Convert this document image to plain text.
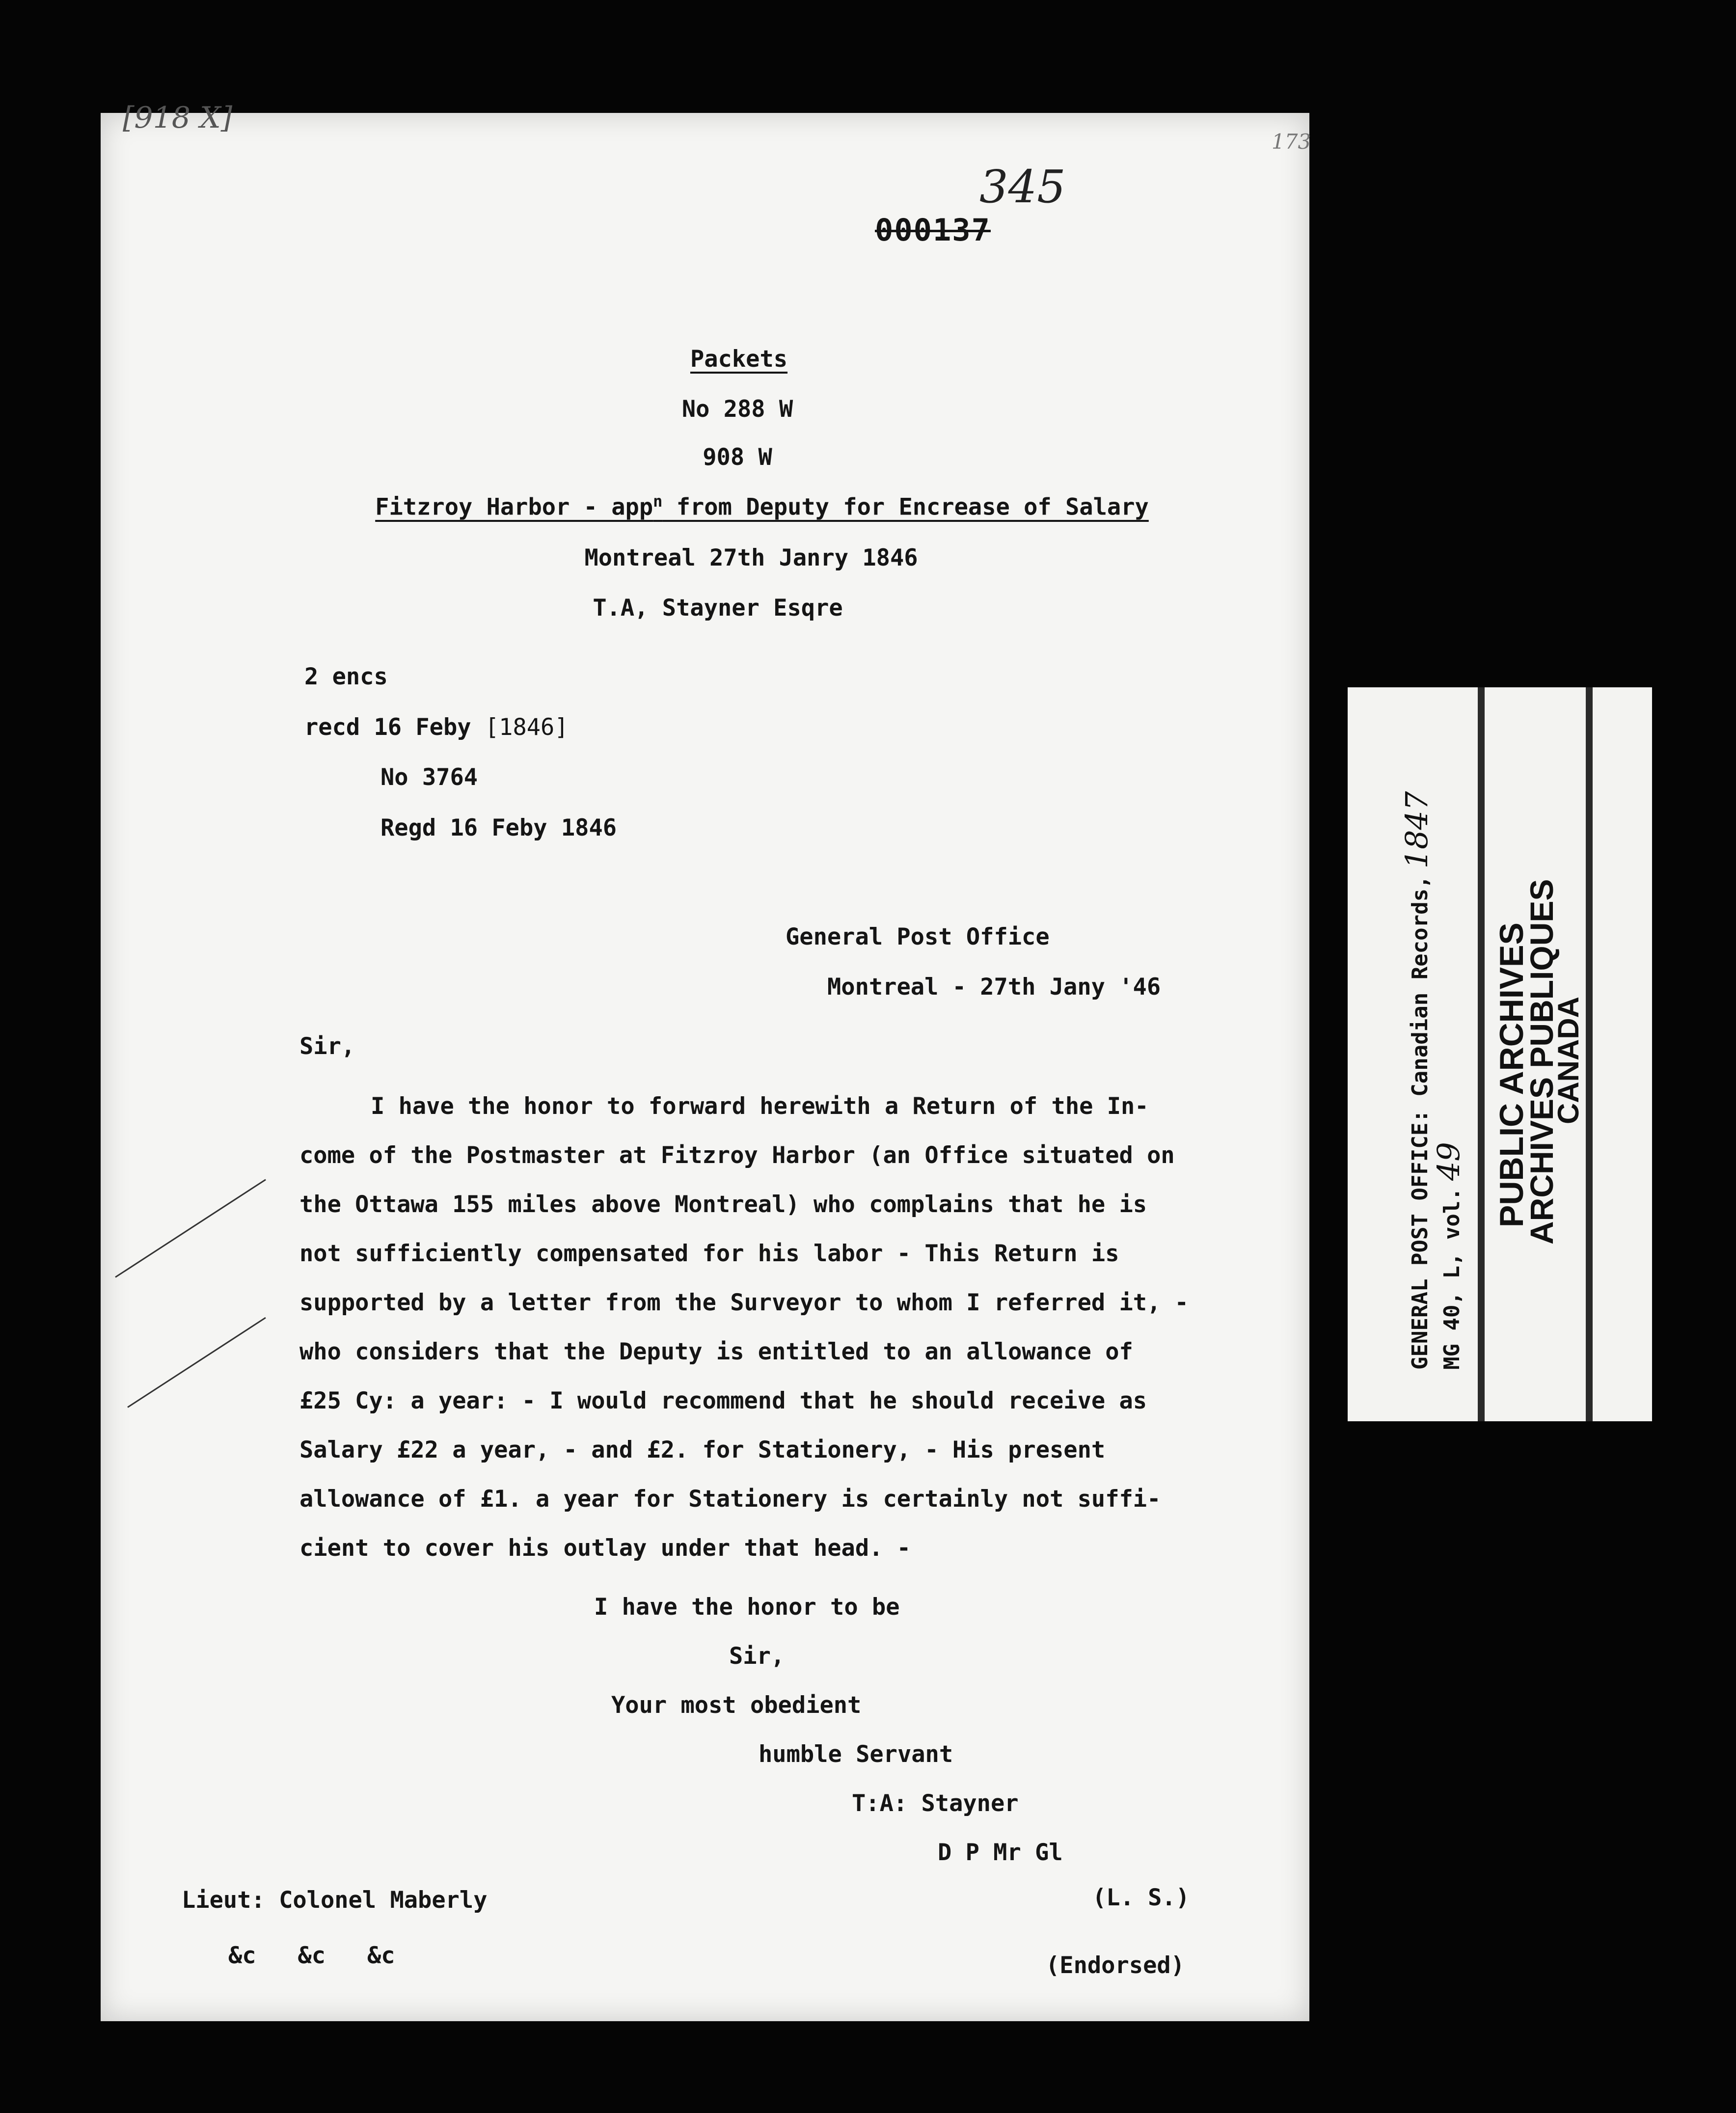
[918 X]
173
345
000137
Packets
No 288 W
908 W
Fitzroy Harbor - app$^n$ from Deputy for Encrease of Salary
Montreal 27th Janry 1846
T.A, Stayner Esqre
2 encs
recd 16 Feby [1846]
No 3764
Regd 16 Feby 1846
General Post Office
Montreal - 27th Jany '46
Sir,
I have the honor to forward herewith a Return of the In-
come of the Postmaster at Fitzroy Harbor (an Office situated on
the Ottawa 155 miles above Montreal) who complains that he is
not sufficiently compensated for his labor - This Return is
supported by a letter from the Surveyor to whom I referred it, -
who considers that the Deputy is entitled to an allowance of
£25 Cy: a year: - I would recommend that he should receive as
Salary £22 a year, - and £2. for Stationery, - His present
allowance of £1. a year for Stationery is certainly not suffi-
cient to cover his outlay under that head. -
I have the honor to be
Sir,
Your most obedient
humble Servant
T:A: Stayner
D P Mr Gl
Lieut: Colonel Maberly	(L. S.)
&c   &c   &c	(Endorsed)
GENERAL POST OFFICE: Canadian Records,1847
MG 40, L, vol.49 PUBLIC ARCHIVES
ARCHIVES PUBLIQUES
CANADA
